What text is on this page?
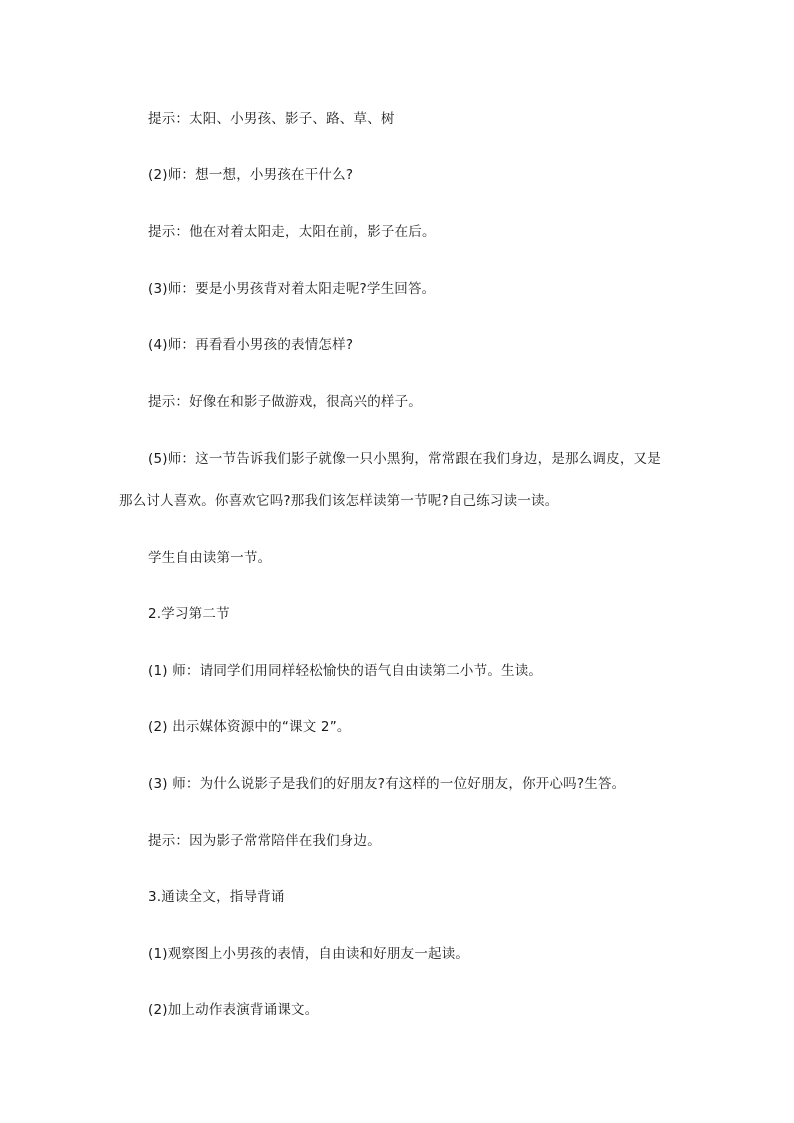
提示：太阳、小男孩、影子、路、草、树
(2)师：想一想，小男孩在干什么?
提示：他在对着太阳走，太阳在前，影子在后。
(3)师：要是小男孩背对着太阳走呢?学生回答。
(4)师：再看看小男孩的表情怎样?
提示：好像在和影子做游戏，很高兴的样子。
(5)师：这一节告诉我们影子就像一只小黑狗，常常跟在我们身边，是那么调皮，又是
那么讨人喜欢。你喜欢它吗?那我们该怎样读第一节呢?自己练习读一读。
学生自由读第一节。
2.学习第二节
(1) 师：请同学们用同样轻松愉快的语气自由读第二小节。生读。
(2) 出示媒体资源中的“课文 2”。
(3) 师：为什么说影子是我们的好朋友?有这样的一位好朋友，你开心吗?生答。
提示：因为影子常常陪伴在我们身边。
3.通读全文，指导背诵
(1)观察图上小男孩的表情，自由读和好朋友一起读。
(2)加上动作表演背诵课文。
